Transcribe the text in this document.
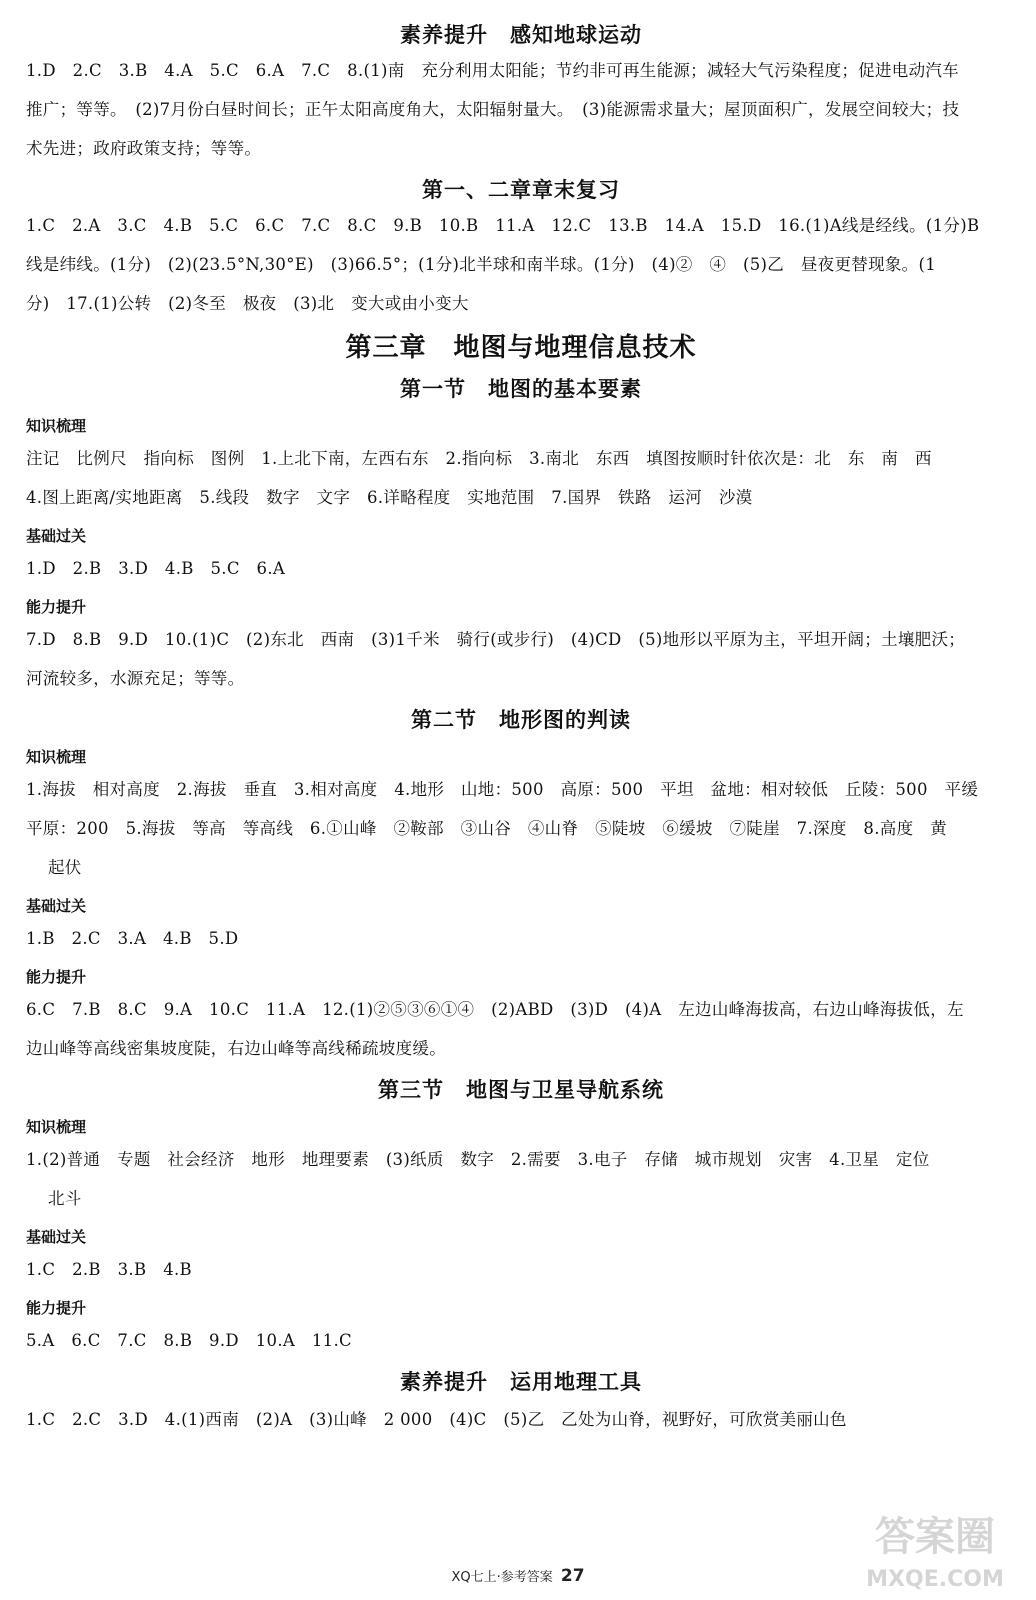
素养提升　感知地球运动
1.D　2.C　3.B　4.A　5.C　6.A　7.C　8.(1)南　充分利用太阳能；节约非可再生能源；减轻大气污染程度；促进电动汽车
推广；等等。　(2)7月份白昼时间长；正午太阳高度角大，太阳辐射量大。　(3)能源需求量大；屋顶面积广，发展空间较大；技
术先进；政府政策支持；等等。
第一、二章章末复习
1.C　2.A　3.C　4.B　5.C　6.C　7.C　8.C　9.B　10.B　11.A　12.C　13.B　14.A　15.D　16.(1)A线是经线。(1分)B
线是纬线。(1分)　(2)(23.5°N,30°E)　(3)66.5°；(1分)北半球和南半球。(1分)　(4)②　④　(5)乙　昼夜更替现象。(1
分)　17.(1)公转　(2)冬至　极夜　(3)北　变大或由小变大
第三章　地图与地理信息技术
第一节　地图的基本要素
知识梳理
注记　比例尺　指向标　图例　1.上北下南，左西右东　2.指向标　3.南北　东西　填图按顺时针依次是：北　东　南　西
4.图上距离/实地距离　5.线段　数字　文字　6.详略程度　实地范围　7.国界　铁路　运河　沙漠
基础过关
1.D　2.B　3.D　4.B　5.C　6.A
能力提升
7.D　8.B　9.D　10.(1)C　(2)东北　西南　(3)1千米　骑行(或步行)　(4)CD　(5)地形以平原为主，平坦开阔；土壤肥沃；
河流较多，水源充足；等等。
第二节　地形图的判读
知识梳理
1.海拔　相对高度　2.海拔　垂直　3.相对高度　4.地形　山地：500　高原：500　平坦　盆地：相对较低　丘陵：500　平缓
平原：200　5.海拔　等高　等高线　6.①山峰　②鞍部　③山谷　④山脊　⑤陡坡　⑥缓坡　⑦陡崖　7.深度　8.高度　黄
起伏
基础过关
1.B　2.C　3.A　4.B　5.D
能力提升
6.C　7.B　8.C　9.A　10.C　11.A　12.(1)②⑤③⑥①④　(2)ABD　(3)D　(4)A　左边山峰海拔高，右边山峰海拔低，左
边山峰等高线密集坡度陡，右边山峰等高线稀疏坡度缓。
第三节　地图与卫星导航系统
知识梳理
1.(2)普通　专题　社会经济　地形　地理要素　(3)纸质　数字　2.需要　3.电子　存储　城市规划　灾害　4.卫星　定位
北斗
基础过关
1.C　2.B　3.B　4.B
能力提升
5.A　6.C　7.C　8.B　9.D　10.A　11.C
素养提升　运用地理工具
1.C　2.C　3.D　4.(1)西南　(2)A　(3)山峰　2 000　(4)C　(5)乙　乙处为山脊，视野好，可欣赏美丽山色
XQ七上·参考答案 27
答案圈
MXQE.COM
